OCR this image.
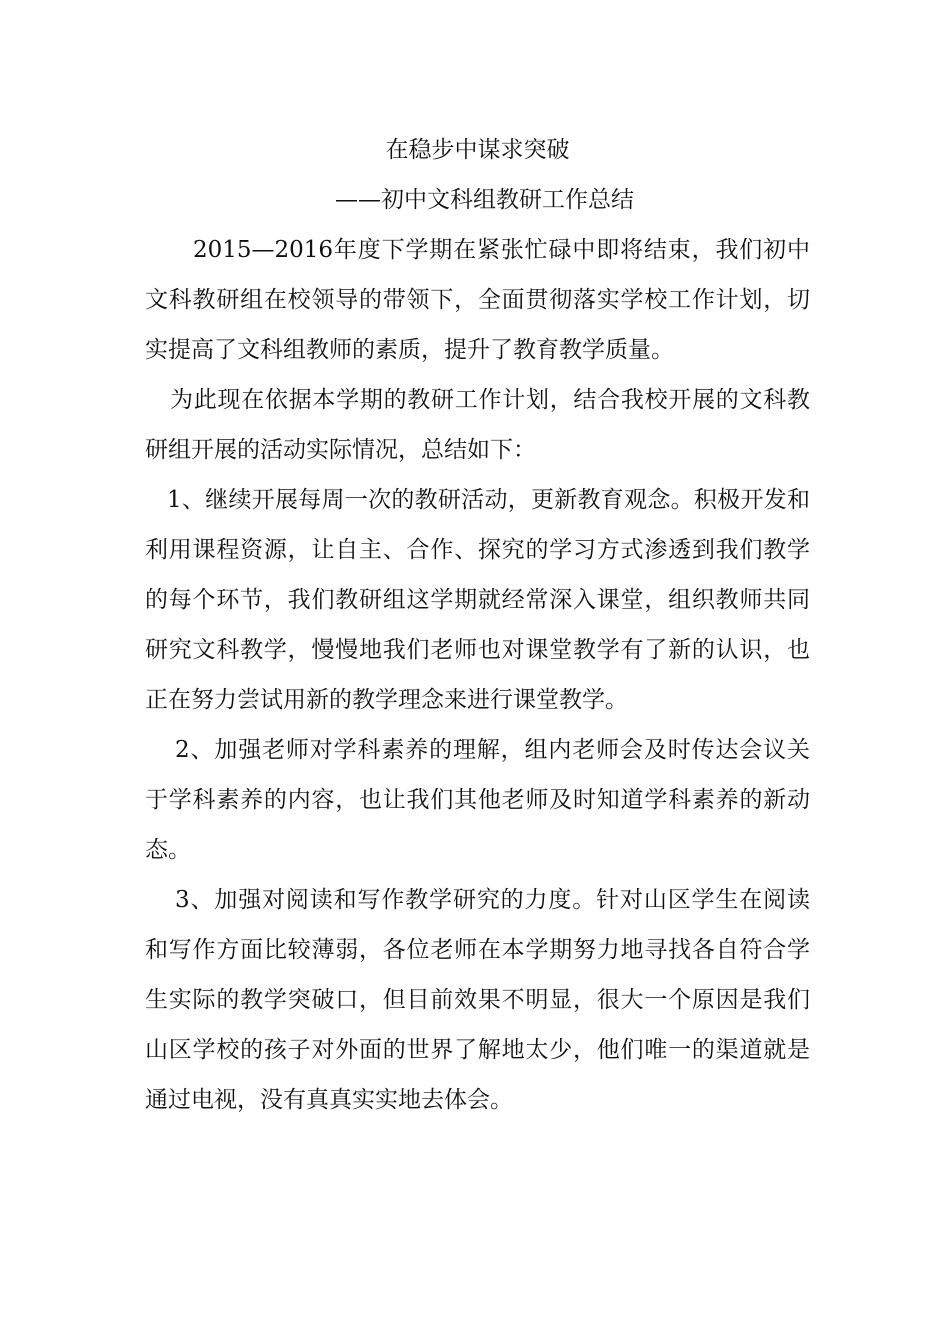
在稳步中谋求突破
——初中文科组教研工作总结

2015—2016年度下学期在紧张忙碌中即将结束，我们初中文科教研组在校领导的带领下，全面贯彻落实学校工作计划，切实提高了文科组教师的素质，提升了教育教学质量。

为此现在依据本学期的教研工作计划，结合我校开展的文科教研组开展的活动实际情况，总结如下：

1、继续开展每周一次的教研活动，更新教育观念。积极开发和利用课程资源，让自主、合作、探究的学习方式渗透到我们教学的每个环节，我们教研组这学期就经常深入课堂，组织教师共同研究文科教学，慢慢地我们老师也对课堂教学有了新的认识，也正在努力尝试用新的教学理念来进行课堂教学。

2、加强老师对学科素养的理解，组内老师会及时传达会议关于学科素养的内容，也让我们其他老师及时知道学科素养的新动态。

3、加强对阅读和写作教学研究的力度。针对山区学生在阅读和写作方面比较薄弱，各位老师在本学期努力地寻找各自符合学生实际的教学突破口，但目前效果不明显，很大一个原因是我们山区学校的孩子对外面的世界了解地太少，他们唯一的渠道就是通过电视，没有真真实实地去体会。
